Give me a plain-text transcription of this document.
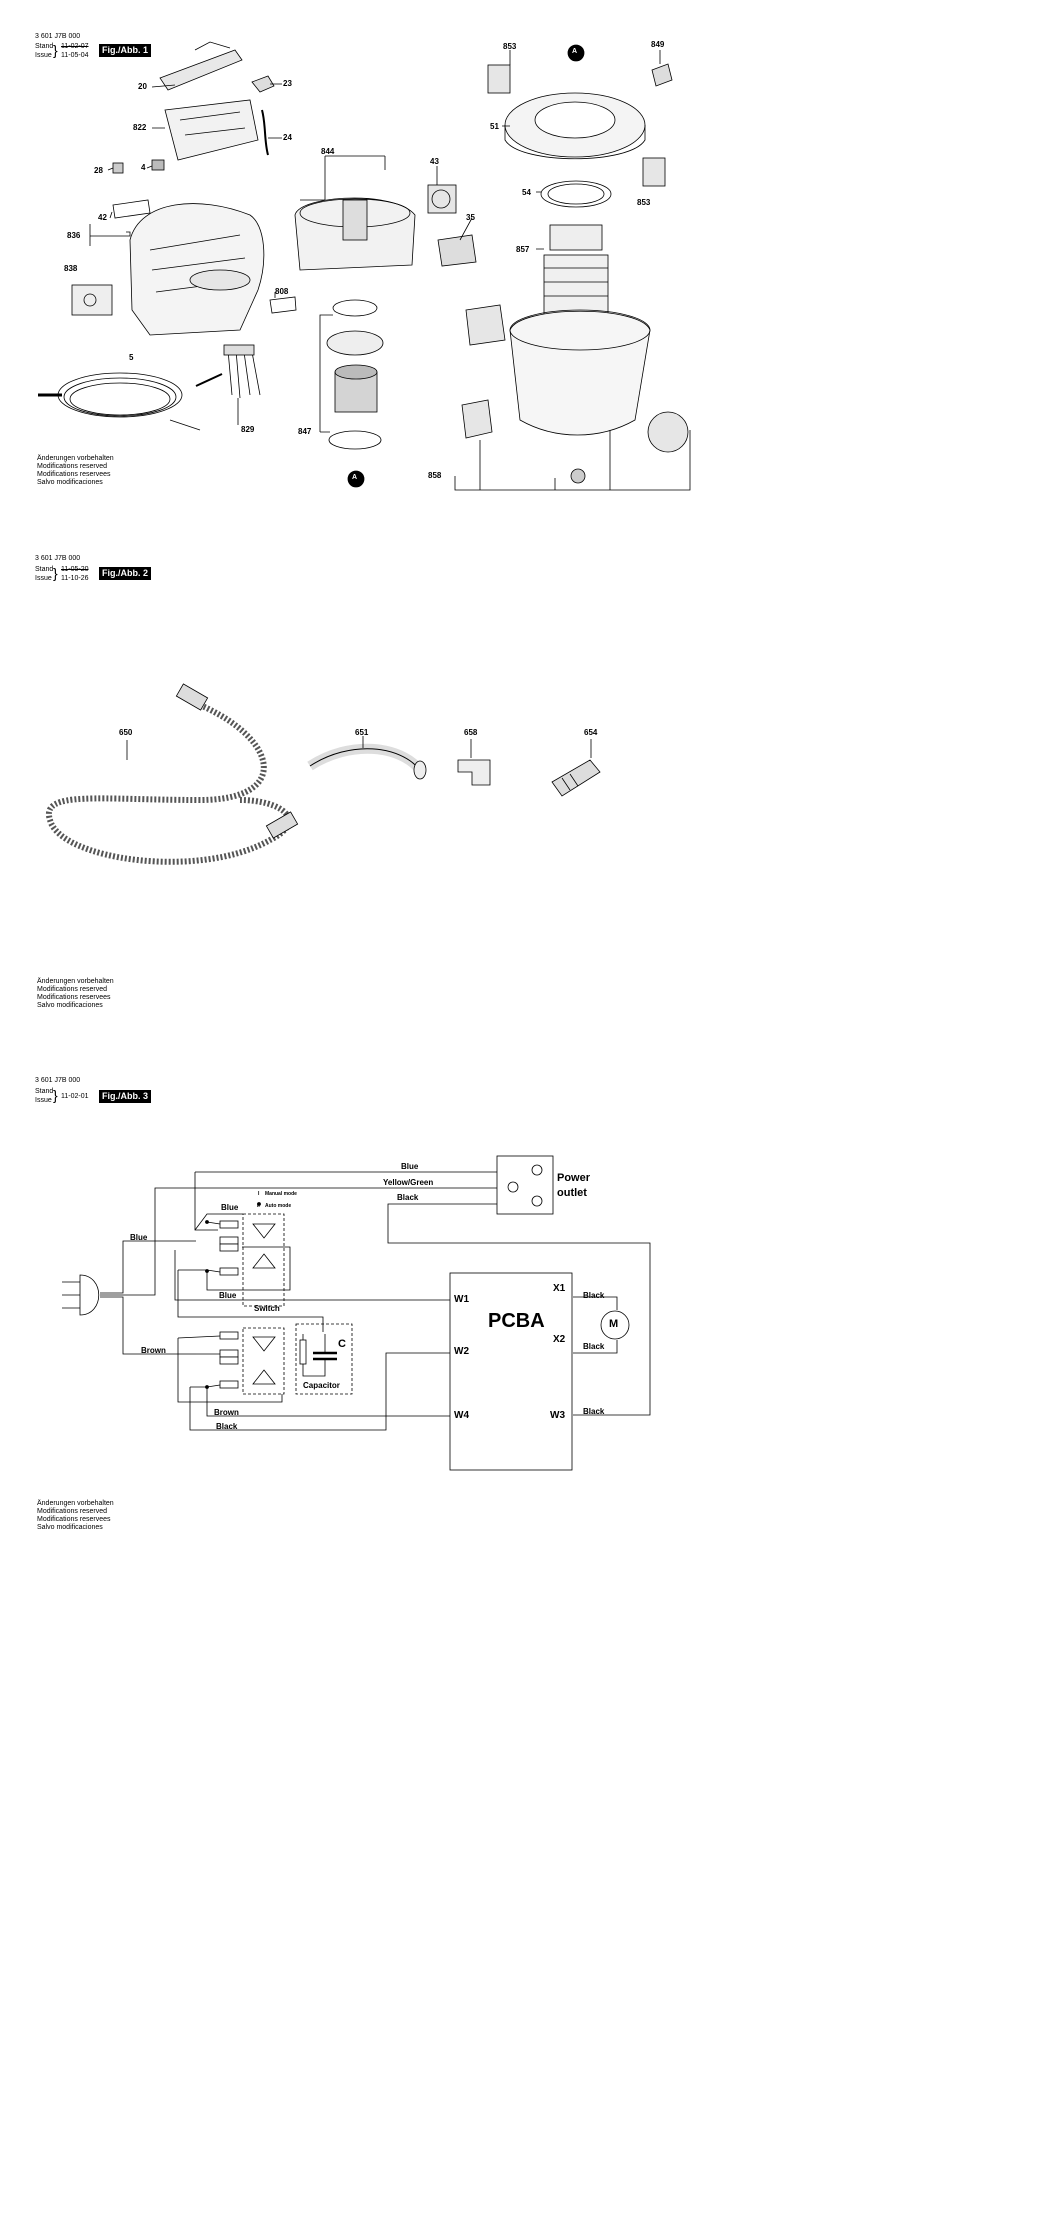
3 601 J7B 000
Stand
Issue } 11-02-07
11-05-04
Fig./Abb. 1
20	23
822
24
28	4
42
836
838
5
808
829
844
43
35
847
853	849
51
54
857
858
853
A
A
Änderungen vorbehalten
Modifications reserved
Modifications reservees
Salvo modificaciones
3 601 J7B 000
Stand
Issue } 11-05-20
11-10-26
Fig./Abb. 2
650	651	658	654
Änderungen vorbehalten
Modifications reserved
Modifications reservees
Salvo modificaciones
3 601 J7B 000
Stand
Issue } 11-02-01	Fig./Abb. 3
Blue
Yellow/Green
Black
Blue
Blue
Blue
Brown
Brown
Black
Black
Black
Black
I Manual mode
II Auto mode
Power
outlet
Switch
C
Capacitor
PCBA
X1
X2
W1
W2
W3
W4
M
Änderungen vorbehalten
Modifications reserved
Modifications reservees
Salvo modificaciones
